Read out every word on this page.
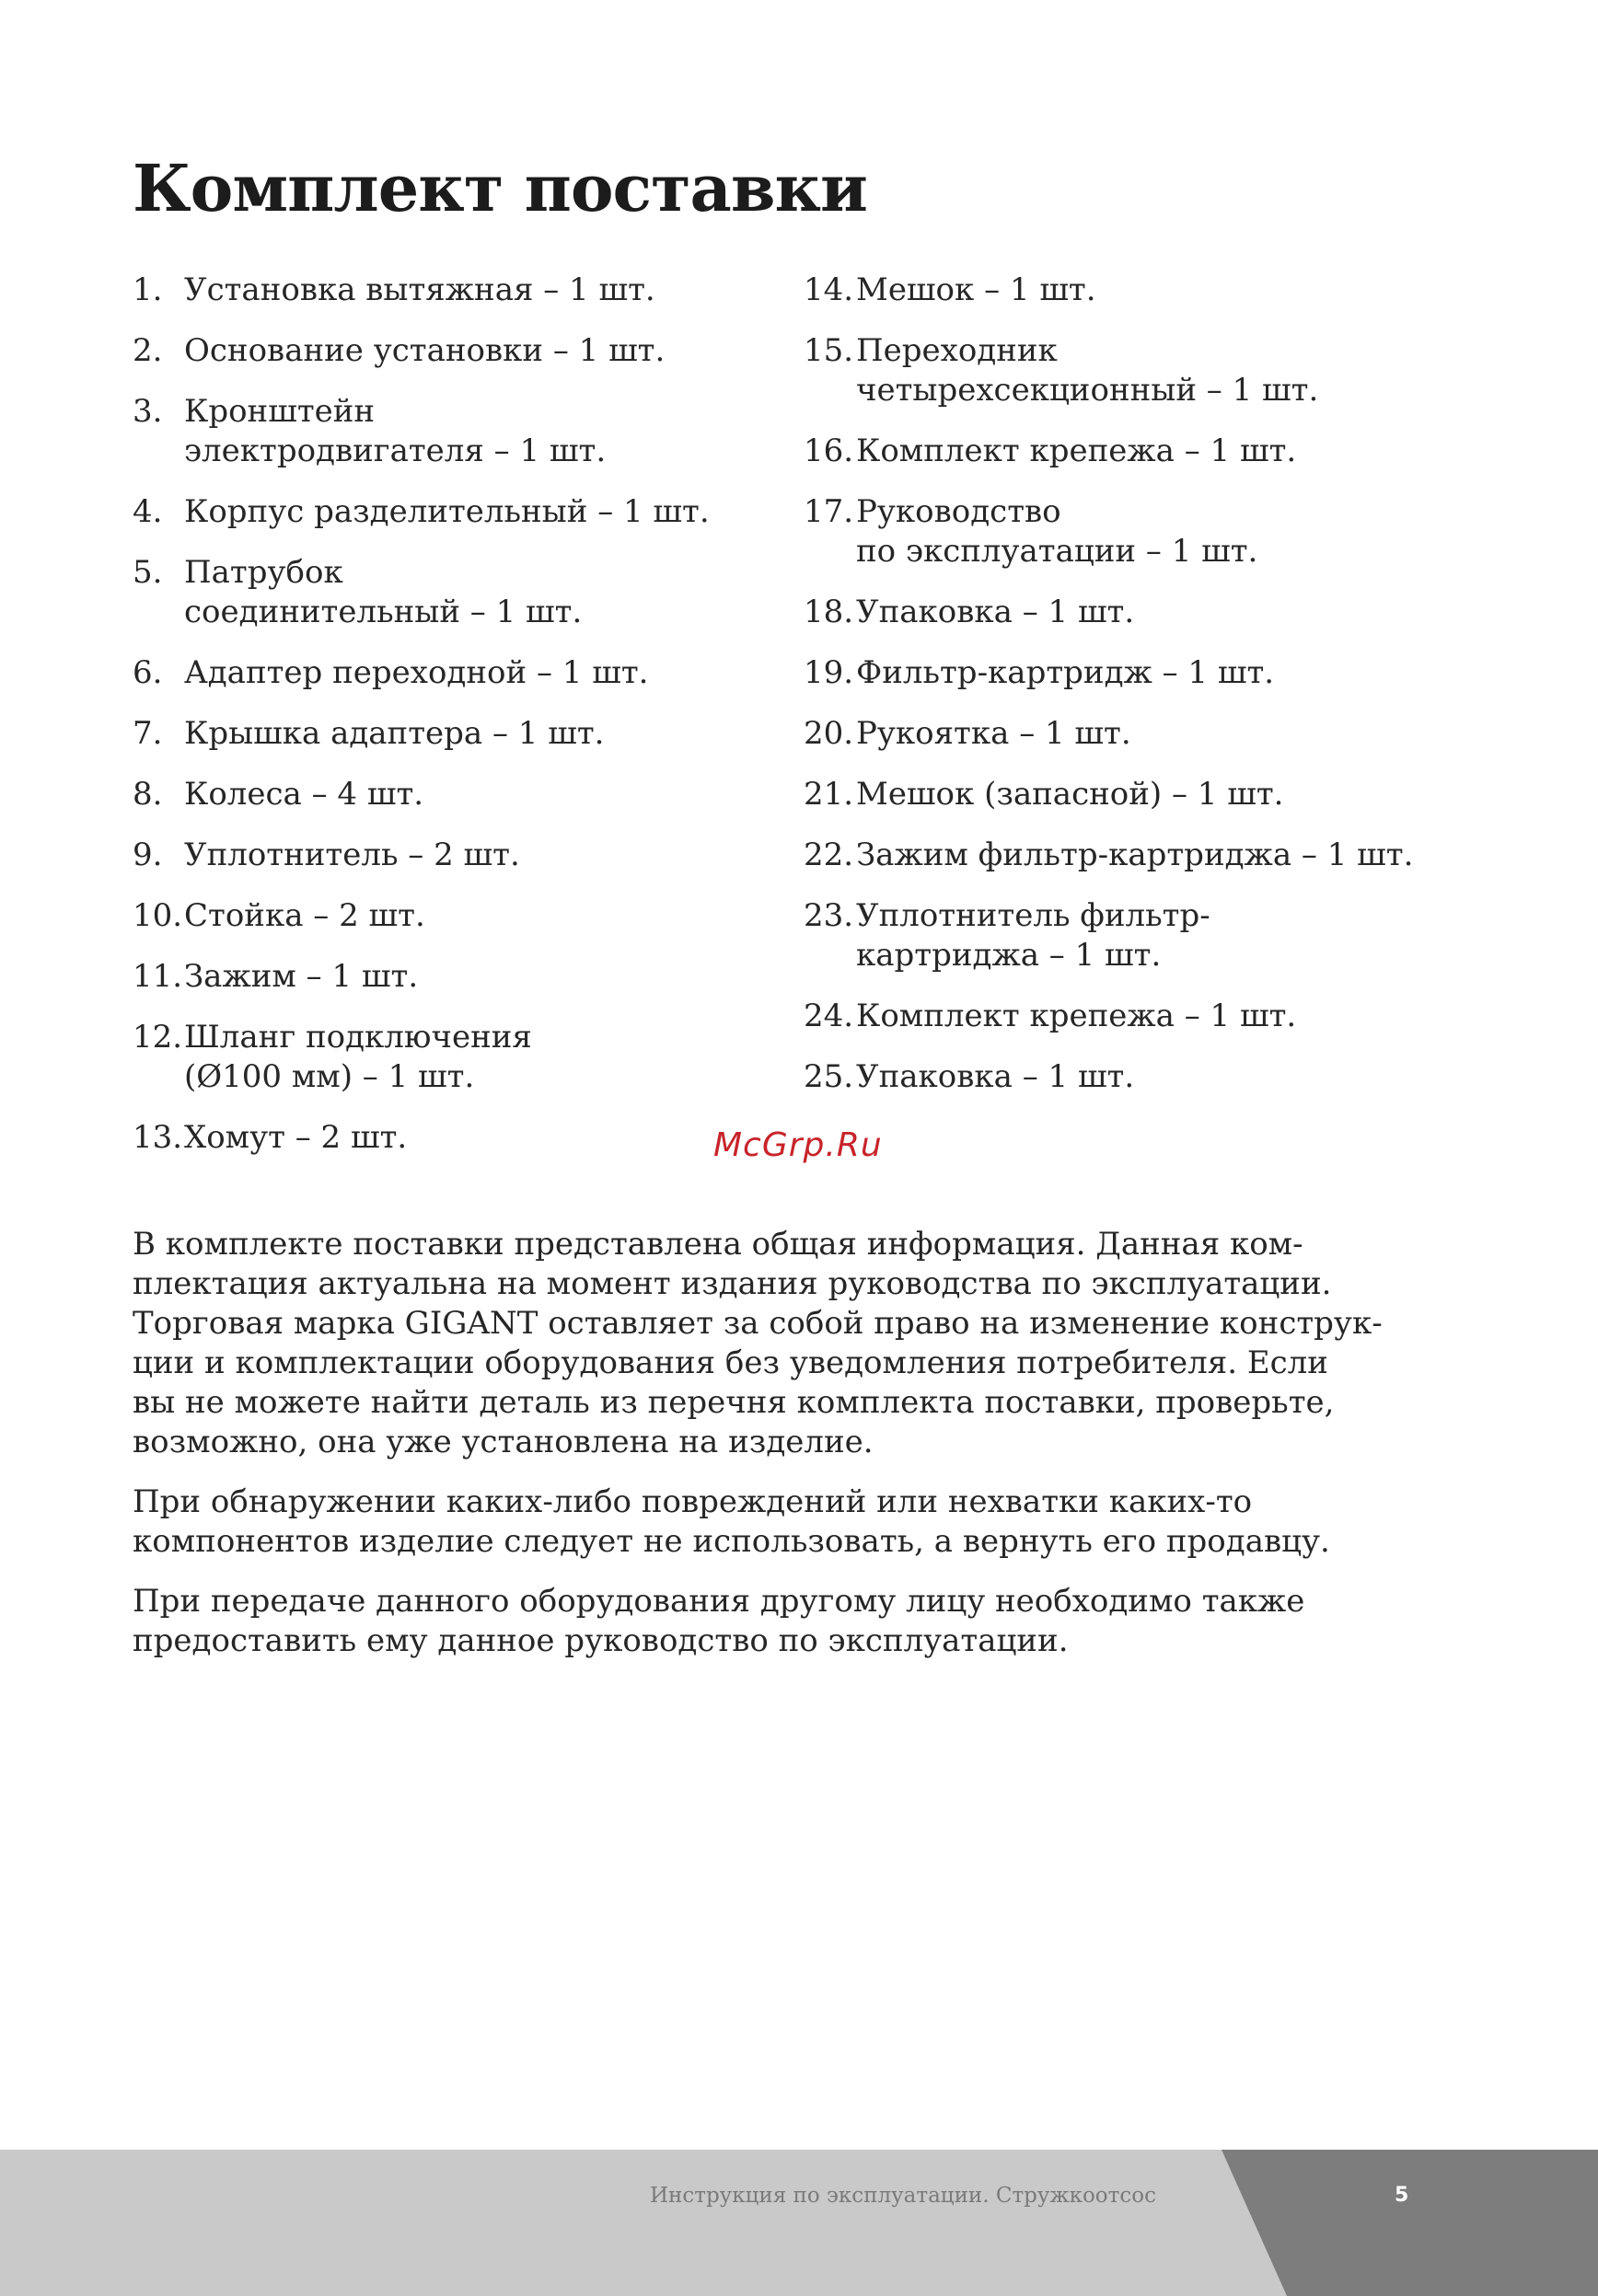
Комплект поставки
1. Установка вытяжная – 1 шт.
2. Основание установки – 1 шт.
3. Кронштейн
электродвигателя – 1 шт.
4. Корпус разделительный – 1 шт.
5. Патрубок
соединительный – 1 шт.
6. Адаптер переходной – 1 шт.
7. Крышка адаптера – 1 шт.
8. Колеса – 4 шт.
9. Уплотнитель – 2 шт.
10. Стойка – 2 шт.
11. Зажим – 1 шт.
12. Шланг подключения
(Ø100 мм) – 1 шт.
13. Хомут – 2 шт.
14. Мешок – 1 шт.
15. Переходник
четырехсекционный – 1 шт.
16. Комплект крепежа – 1 шт.
17. Руководство
по эксплуатации – 1 шт.
18. Упаковка – 1 шт.
19. Фильтр-картридж – 1 шт.
20. Рукоятка – 1 шт.
21. Мешок (запасной) – 1 шт.
22. Зажим фильтр-картриджа – 1 шт.
23. Уплотнитель фильтр-
картриджа – 1 шт.
24. Комплект крепежа – 1 шт.
25. Упаковка – 1 шт.
McGrp.Ru

В комплекте поставки представлена общая информация. Данная ком-
плектация актуальна на момент издания руководства по эксплуатации.
Торговая марка GIGANT оставляет за собой право на изменение конструк-
ции и комплектации оборудования без уведомления потребителя. Если
вы не можете найти деталь из перечня комплекта поставки, проверьте,
возможно, она уже установлена на изделие.

При обнаружении каких-либо повреждений или нехватки каких-то
компонентов изделие следует не использовать, а вернуть его продавцу.

При передаче данного оборудования другому лицу необходимо также
предоставить ему данное руководство по эксплуатации.

Инструкция по эксплуатации. Стружкоотсос	5
